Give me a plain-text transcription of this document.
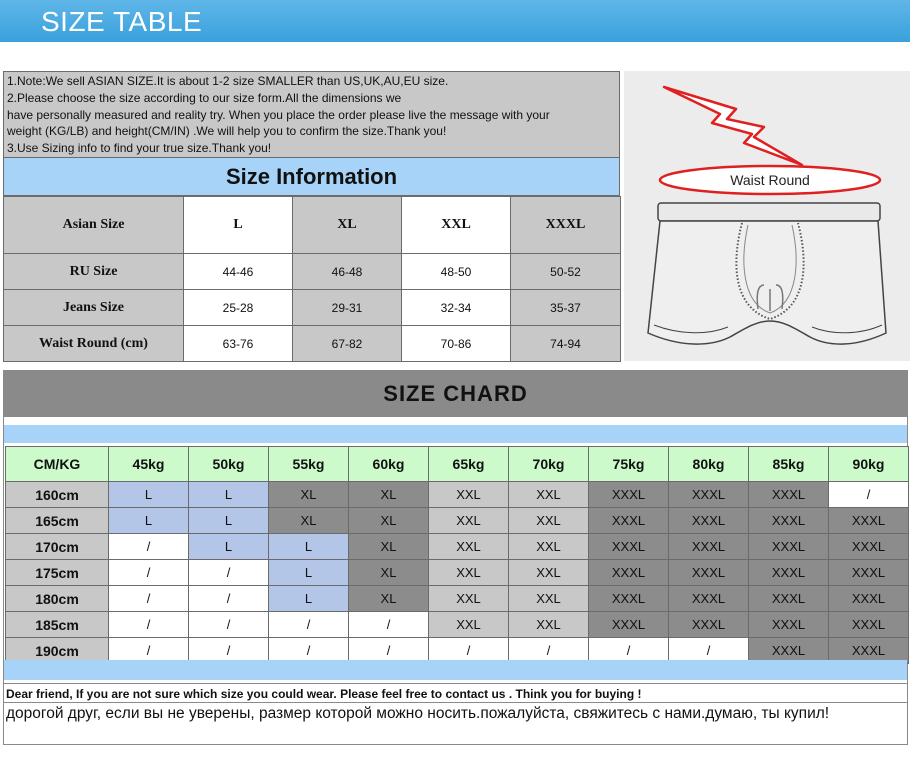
SIZE TABLE
1.Note:We sell ASIAN SIZE.It is about 1-2 size SMALLER than US,UK,AU,EU size.
2.Please choose the size according to our size form.All the dimensions we
have personally measured and reality try. When you place the order please live the message with your
weight (KG/LB) and height(CM/IN) .We will help you to confirm the size.Thank you!
3.Use Sizing info to find your true size.Thank you!
Size Information
Asian Size	L	XL	XXL	XXXL
RU Size	44-46	46-48	48-50	50-52
Jeans Size	25-28	29-31	32-34	35-37
Waist Round (cm)	63-76	67-82	70-86	74-94
Waist Round
SIZE CHARD
CM/KG	45kg	50kg	55kg	60kg	65kg	70kg	75kg	80kg	85kg	90kg
160cm	L	L	XL	XL	XXL	XXL	XXXL	XXXL	XXXL	/
165cm	L	L	XL	XL	XXL	XXL	XXXL	XXXL	XXXL	XXXL
170cm	/	L	L	XL	XXL	XXL	XXXL	XXXL	XXXL	XXXL
175cm	/	/	L	XL	XXL	XXL	XXXL	XXXL	XXXL	XXXL
180cm	/	/	L	XL	XXL	XXL	XXXL	XXXL	XXXL	XXXL
185cm	/	/	/	/	XXL	XXL	XXXL	XXXL	XXXL	XXXL
190cm	/	/	/	/	/	/	/	/	XXXL	XXXL
Dear friend, If you are not sure which size you could wear. Please feel free to contact us . Think you for buying !
дорогой друг, если вы не уверены, размер которой можно носить.пожалуйста, свяжитесь с нами.думаю, ты купил!
